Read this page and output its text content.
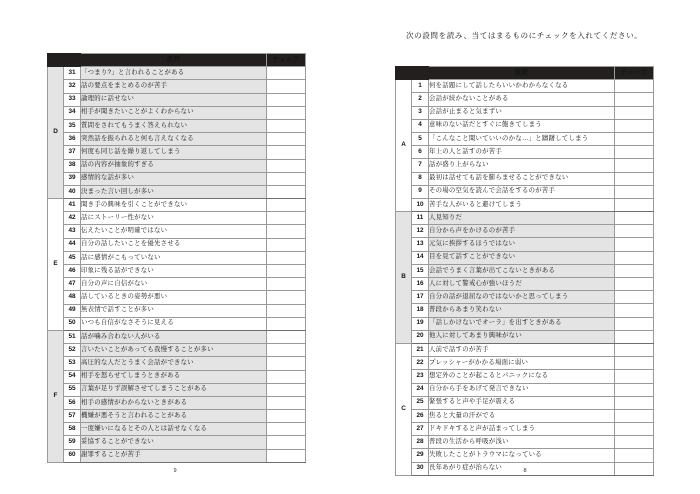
		設問	チェック
D	31	「つまり?」と言われることがある	
	32	話の要点をまとめるのが苦手	
	33	論理的に話せない	
	34	相手が聞きたいことがよくわからない	
	35	質問をされてもうまく答えられない	
	36	突然話を振られると何も言えなくなる	
	37	何度も同じ話を繰り返してしまう	
	38	話の内容が抽象的すぎる	
	39	感情的な話が多い	
	40	決まった言い回しが多い	
E	41	聞き手の興味を引くことができない	
	42	話にストーリー性がない	
	43	伝えたいことが明確ではない	
	44	自分の話したいことを優先させる	
	45	話に感情がこもっていない	
	46	印象に残る話ができない	
	47	自分の声に自信がない	
	48	話しているときの姿勢が悪い	
	49	無表情で話すことが多い	
	50	いつも自信がなさそうに見える	
F	51	話が噛み合わない人がいる	
	52	言いたいことがあっても我慢することが多い	
	53	高圧的な人だとうまく会話ができない	
	54	相手を怒らせてしまうときがある	
	55	言葉が足りず誤解させてしまうことがある	
	56	相手の感情がわからないときがある	
	57	機嫌が悪そうと言われることがある	
	58	一度嫌いになるとその人とは話せなくなる	
	59	妥協することができない	
	60	謝罪することが苦手	
9
次の設問を読み、当てはまるものにチェックを入れてください。
		設問	チェック
A	1	何を話題にして話したらいいかわからなくなる	
	2	会話が続かないことがある	
	3	会話が止まると気まずい	
	4	意味のない話だとすぐに飽きてしまう	
	5	「こんなこと聞いていいのかな…」と躊躇してしまう	
	6	年上の人と話すのが苦手	
	7	話が盛り上がらない	
	8	最初は話せても話を膨らませることができない	
	9	その場の空気を読んで会話をするのが苦手	
	10	苦手な人がいると避けてしまう	
B	11	人見知りだ	
	12	自分から声をかけるのが苦手	
	13	元気に挨拶するほうではない	
	14	目を見て話すことができない	
	15	会話でうまく言葉が出てこないときがある	
	16	人に対して警戒心が強いほうだ	
	17	自分の話が退屈なのではないかと思ってしまう	
	18	普段からあまり笑わない	
	19	「話しかけないでオーラ」を出すときがある	
	20	他人に対してあまり興味がない	
C	21	人前で話すのが苦手	
	22	プレッシャーがかかる場面に弱い	
	23	想定外のことが起こるとパニックになる	
	24	自分から手をあげて発言できない	
	25	緊張すると声や手足が震える	
	26	焦ると大量の汗がでる	
	27	ドキドキすると声が詰まってしまう	
	28	普段の生活から呼吸が浅い	
	29	失敗したことがトラウマになっている	
	30	長年あがり症が治らない		8
